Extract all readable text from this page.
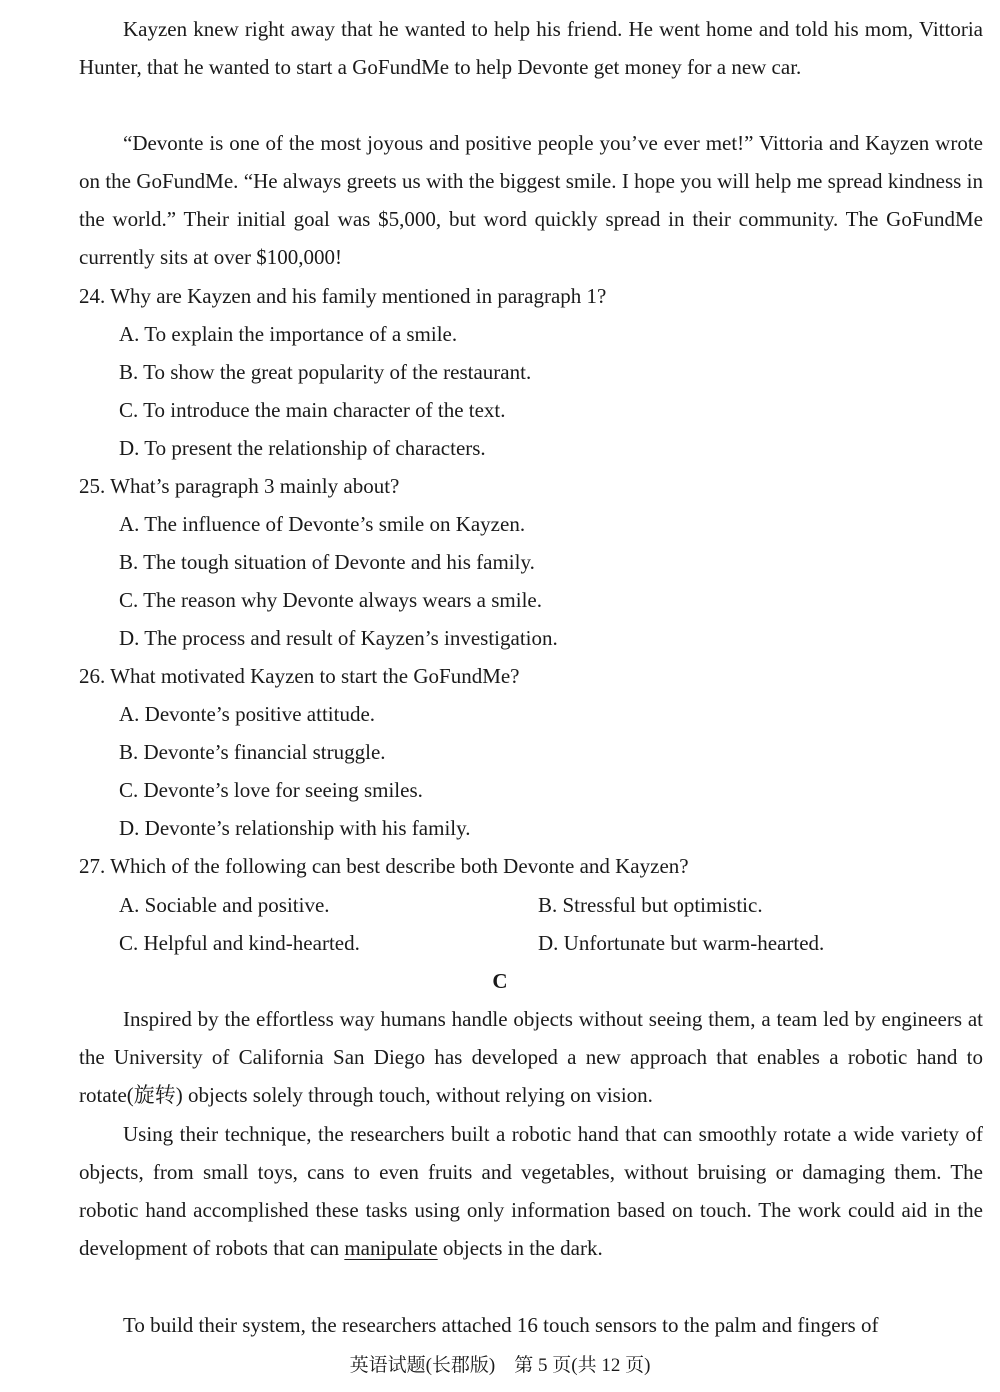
Kayzen knew right away that he wanted to help his friend. He went home and told his mom, Vittoria Hunter, that he wanted to start a GoFundMe to help Devonte get money for a new car.

“Devonte is one of the most joyous and positive people you’ve ever met!” Vittoria and Kayzen wrote on the GoFundMe. “He always greets us with the biggest smile. I hope you will help me spread kindness in the world.” Their initial goal was $5,000, but word quickly spread in their community. The GoFundMe currently sits at over $100,000!

24. Why are Kayzen and his family mentioned in paragraph 1?

A. To explain the importance of a smile.

B. To show the great popularity of the restaurant.

C. To introduce the main character of the text.

D. To present the relationship of characters.

25. What’s paragraph 3 mainly about?

A. The influence of Devonte’s smile on Kayzen.

B. The tough situation of Devonte and his family.

C. The reason why Devonte always wears a smile.

D. The process and result of Kayzen’s investigation.

26. What motivated Kayzen to start the GoFundMe?

A. Devonte’s positive attitude.

B. Devonte’s financial struggle.

C. Devonte’s love for seeing smiles.

D. Devonte’s relationship with his family.

27. Which of the following can best describe both Devonte and Kayzen?

A. Sociable and positive.	B. Stressful but optimistic.

C. Helpful and kind-hearted.	D. Unfortunate but warm-hearted.

C

Inspired by the effortless way humans handle objects without seeing them, a team led by engineers at the University of California San Diego has developed a new approach that enables a robotic hand to rotate(旋转) objects solely through touch, without relying on vision.

Using their technique, the researchers built a robotic hand that can smoothly rotate a wide variety of objects, from small toys, cans to even fruits and vegetables, without bruising or damaging them. The robotic hand accomplished these tasks using only information based on touch. The work could aid in the development of robots that can manipulate objects in the dark.

To build their system, the researchers attached 16 touch sensors to the palm and fingers of

英语试题(长郡版)　第 5 页(共 12 页)
